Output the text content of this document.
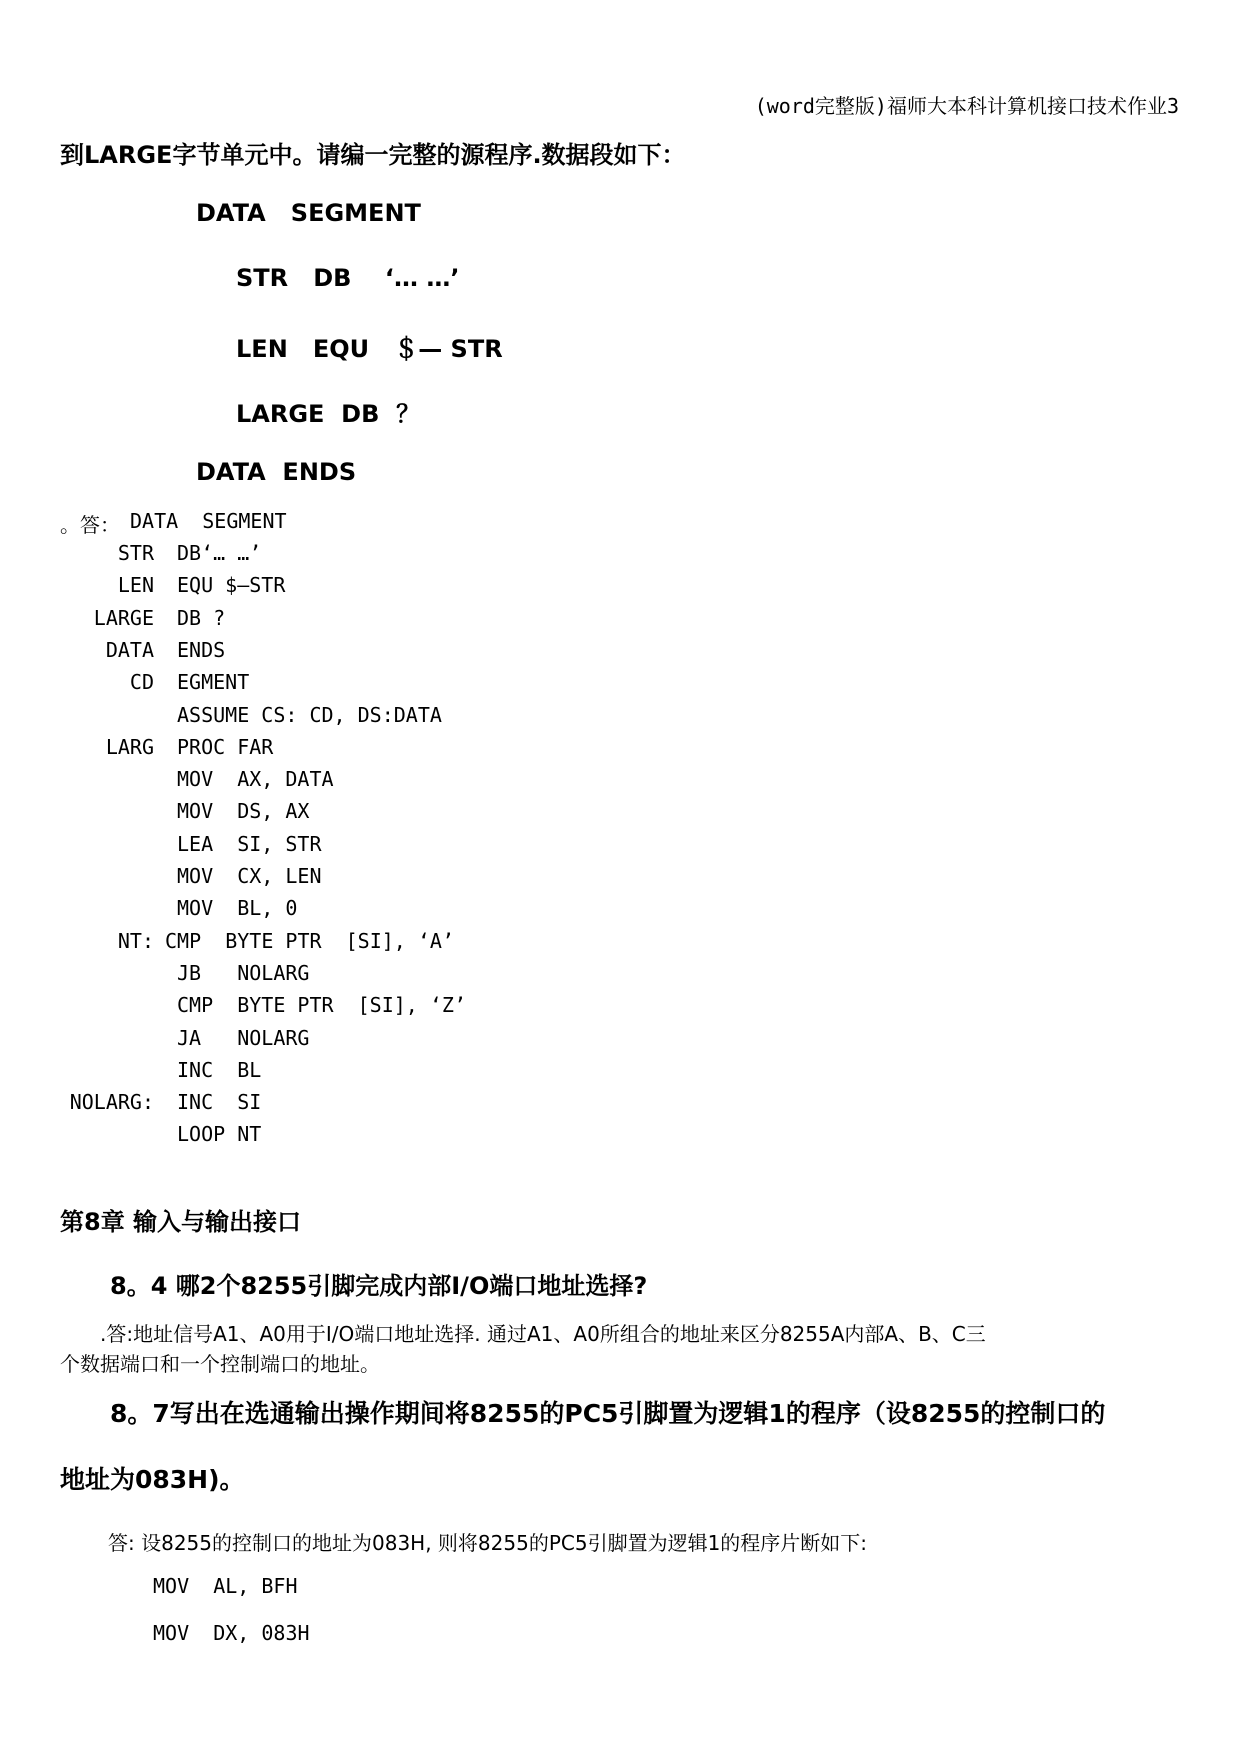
(word完整版)福师大本科计算机接口技术作业3
到LARGE字节单元中。请编一完整的源程序.数据段如下：
DATA   SEGMENT
STR   DB    ‘… …’
LEN   EQU   ＄— STR
LARGE  DB  ？
DATA  ENDS
。答： DATA  SEGMENT
STR DB‘… …’
LEN EQU $—STR
LARGE DB ?
DATA ENDS
CD EGMENT
ASSUME CS: CD, DS:DATA
LARG PROC FAR
MOV  AX, DATA
MOV  DS, AX
LEA  SI, STR
MOV  CX, LEN
MOV  BL, 0
NT: CMP  BYTE PTR  [SI], ‘A’
JB   NOLARG
CMP  BYTE PTR  [SI], ‘Z’
JA   NOLARG
INC  BL
NOLARG: INC  SI
LOOP NT
第8章 输入与输出接口
8。4 哪2个8255引脚完成内部I/O端口地址选择?
.答:地址信号A1、A0用于I/O端口地址选择. 通过A1、A0所组合的地址来区分8255A内部A、B、C三
个数据端口和一个控制端口的地址。
8。7写出在选通输出操作期间将8255的PC5引脚置为逻辑1的程序（设8255的控制口的
地址为083H)。
答: 设8255的控制口的地址为083H, 则将8255的PC5引脚置为逻辑1的程序片断如下:
MOV  AL, BFH
MOV  DX, 083H
